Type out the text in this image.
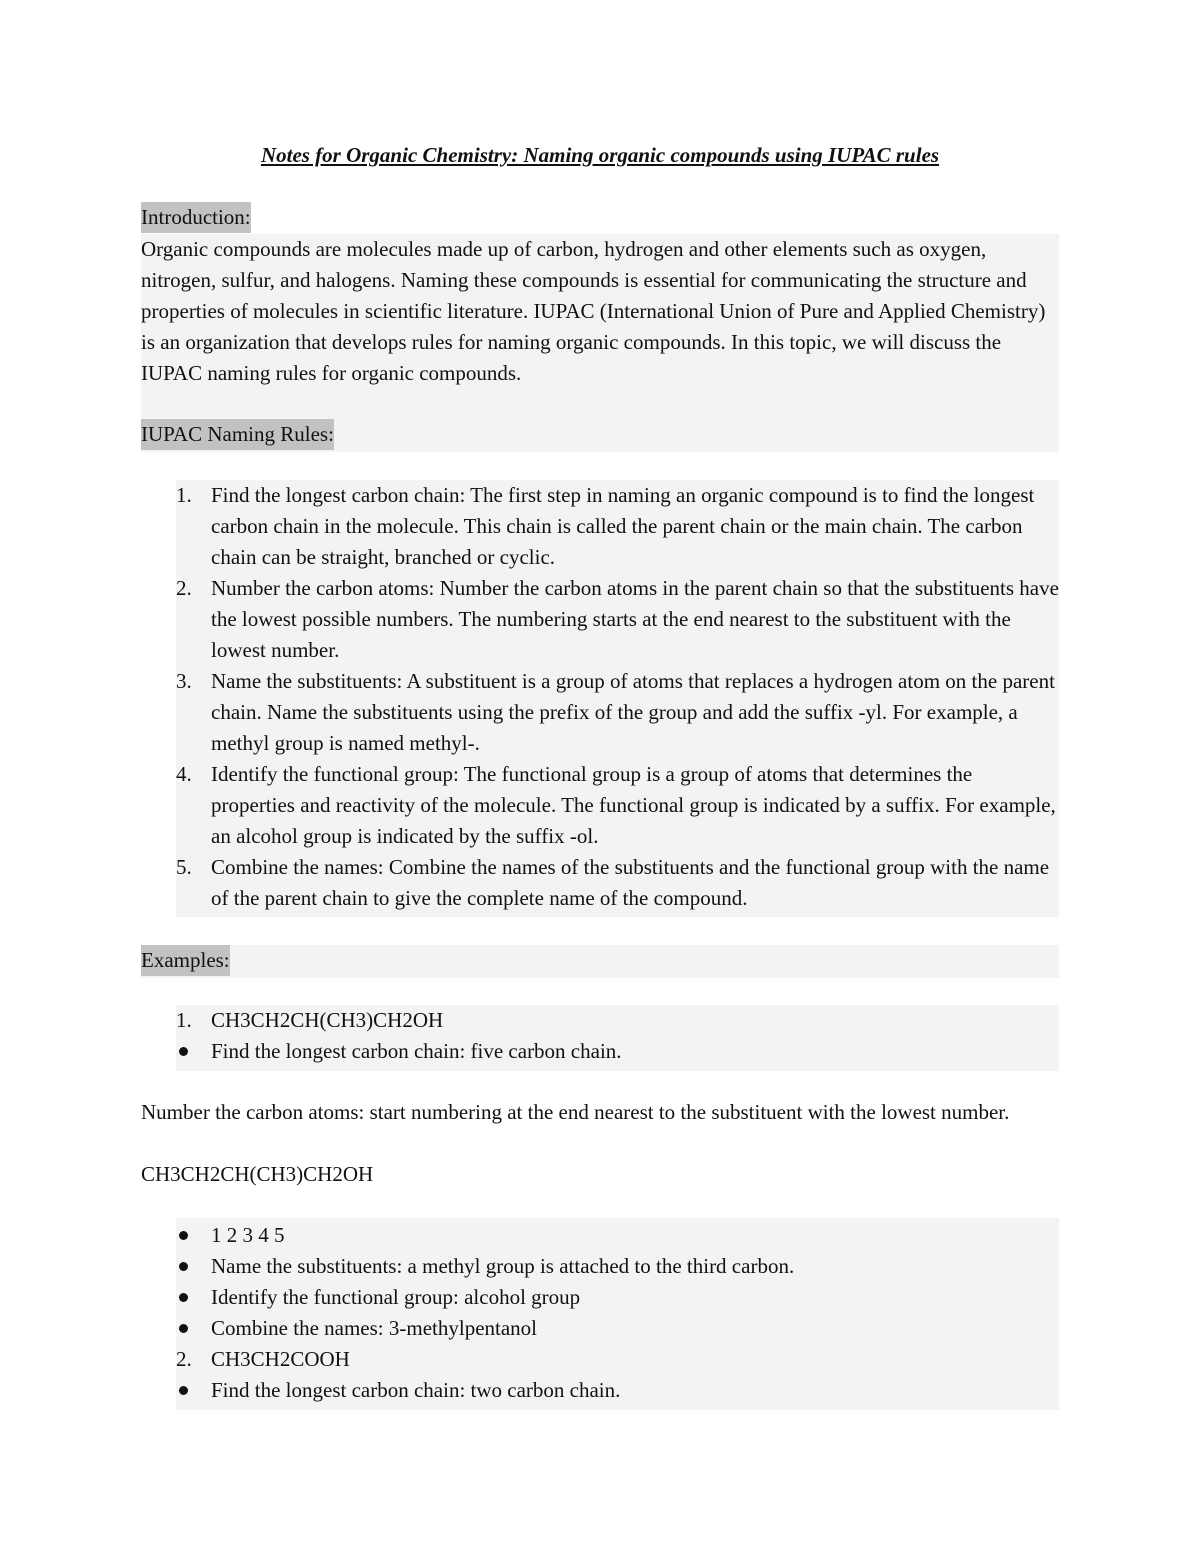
Notes for Organic Chemistry: Naming organic compounds using IUPAC rules
Introduction:

Organic compounds are molecules made up of carbon, hydrogen and other elements such as oxygen, nitrogen, sulfur, and halogens. Naming these compounds is essential for communicating the structure and properties of molecules in scientific literature. IUPAC (International Union of Pure and Applied Chemistry) is an organization that develops rules for naming organic compounds. In this topic, we will discuss the IUPAC naming rules for organic compounds.

IUPAC Naming Rules:
1. Find the longest carbon chain: The first step in naming an organic compound is to find the longest carbon chain in the molecule. This chain is called the parent chain or the main chain. The carbon chain can be straight, branched or cyclic.
2. Number the carbon atoms: Number the carbon atoms in the parent chain so that the substituents have the lowest possible numbers. The numbering starts at the end nearest to the substituent with the lowest number.
3. Name the substituents: A substituent is a group of atoms that replaces a hydrogen atom on the parent chain. Name the substituents using the prefix of the group and add the suffix -yl. For example, a methyl group is named methyl-.
4. Identify the functional group: The functional group is a group of atoms that determines the properties and reactivity of the molecule. The functional group is indicated by a suffix. For example, an alcohol group is indicated by the suffix -ol.
5. Combine the names: Combine the names of the substituents and the functional group with the name of the parent chain to give the complete name of the compound.
Examples:
1. CH3CH2CH(CH3)CH2OH
Find the longest carbon chain: five carbon chain.

Number the carbon atoms: start numbering at the end nearest to the substituent with the lowest number.

CH3CH2CH(CH3)CH2OH

1 2 3 4 5
Name the substituents: a methyl group is attached to the third carbon.
Identify the functional group: alcohol group
Combine the names: 3-methylpentanol
2. CH3CH2COOH
Find the longest carbon chain: two carbon chain.
